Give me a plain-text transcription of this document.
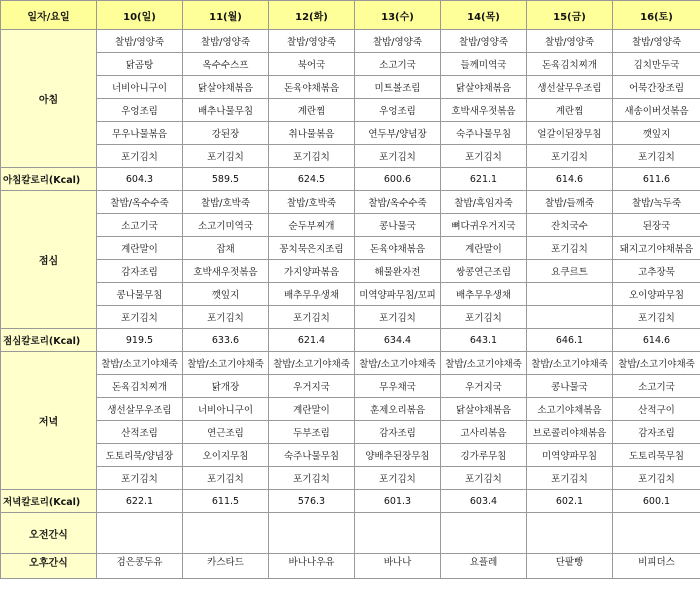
일자/요일	10(일)	11(월)	12(화)	13(수)	14(목)	15(금)	16(토)
아침	찰밥/영양죽	찰밥/영양죽	찰밥/영양죽	찰밥/영양죽	찰밥/영양죽	찰밥/영양죽	찰밥/영양죽
	닭곰탕	옥수수스프	북어국	소고기국	들께미역국	돈육김치찌개	김치만두국
	너비아니구이	닭살야채볶음	돈육야채볶음	미트볼조림	닭살야채볶음	생선살무우조림	어묵간장조림
	우엉조림	배추나물무침	계란찜	우엉조림	호박새우젓볶음	계란찜	새송이버섯볶음
	무우나물볶음	강된장	취나물볶음	연두부/양념장	숙주나물무침	얼갈이된장무침	깻잎지
	포기김치	포기김치	포기김치	포기김치	포기김치	포기김치	포기김치
아침칼로리(Kcal)	604.3	589.5	624.5	600.6	621.1	614.6	611.6
점심	찰밥/옥수수죽	찰밥/호박죽	찰밥/호박죽	찰밥/옥수수죽	찰밥/흑임자죽	찰밥/들깨죽	찰밥/녹두죽
	소고기국	소고기미역국	순두부찌개	콩나물국	뼈다귀우거지국	잔치국수	된장국
	계란말이	잡채	꽁치묵은지조림	돈육야채볶음	계란말이	포기김치	돼지고기야채볶음
	감자조림	호박새우젓볶음	가지양파볶음	해물완자전	쌍콩연근조림	요쿠르트	고추장묵
	콩나물무침	깻잎지	배추무우생채	미역양파무침/꼬피	배추무우생채		오이양파무침
	포기김치	포기김치	포기김치	포기김치	포기김치		포기김치
점심칼로리(Kcal)	919.5	633.6	621.4	634.4	643.1	646.1	614.6
저녁	찰밥/소고기야채죽	찰밥/소고기야채죽	찰밥/소고기야채죽	찰밥/소고기야채죽	찰밥/소고기야채죽	찰밥/소고기야채죽	찰밥/소고기야채죽
	돈육김치찌개	닭개장	우거지국	무우채국	우거지국	콩나물국	소고기국
	생선살무우조림	너비아니구이	계란말이	훈제오리볶음	닭살야채볶음	소고기야채볶음	산적구이
	산적조림	연근조림	두부조림	감자조림	고사리볶음	브로콜리야채볶음	감자조림
	도토리묵/양념장	오이지무침	숙주나물무침	양배추된장무침	깅가루무침	미역양파무침	도토리묵무침
	포기김치	포기김치	포기김치	포기김치	포기김치	포기김치	포기김치
저녁칼로리(Kcal)	622.1	611.5	576.3	601.3	603.4	602.1	600.1
오전간식							
오후간식	검은콩두유	카스타드	바나나우유	바나나	요플레	단팥빵	비피더스
